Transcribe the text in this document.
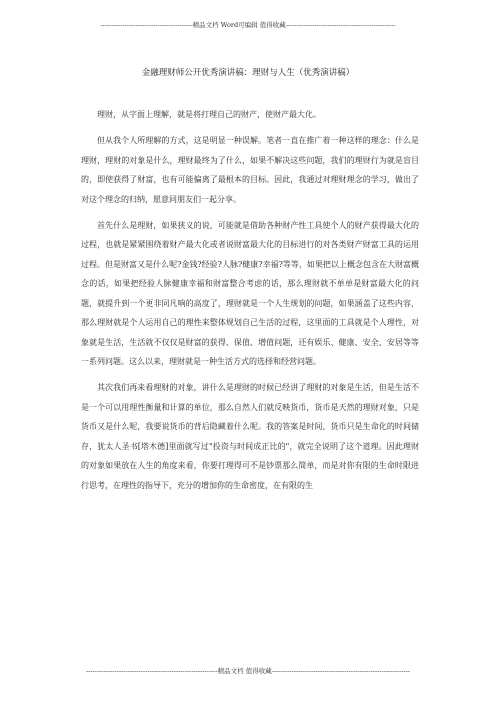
------------------------------------------精品文档 Word可编辑 值得收藏--------------------------------------------------
金融理财师公开优秀演讲稿：理财与人生（优秀演讲稿）

理财，从字面上理解，就是将打理自己的财产，使财产最大化。

但从我个人所理解的方式，这是明显一种误解。笔者一直在推广着一种这样的理念：什么是理财，理财的对象是什么，理财最终为了什么，如果不解决这些问题，我们的理财行为就是盲目的，即使获得了财富，也有可能偏离了最根本的目标。因此，我通过对理财理念的学习，做出了对这个理念的归纳，愿意同朋友们一起分享。

首先什么是理财，如果狭义的说，可能就是借助各种财产性工具使个人的财产获得最大化的过程，也就是紧紧围绕着财产最大化或者说财富最大化的目标进行的对各类财产财富工具的运用过程。但是财富又是什么呢?金钱?经验?人脉?健康?幸福?等等，如果把以上概念包含在大财富概念的话，如果把经验人脉健康幸福和财富整合考虑的话，那么理财就不单单是财富最大化的问题，就提升到一个更非同凡响的高度了，理财就是一个人生规划的问题，如果涵盖了这些内容，那么理财就是个人运用自己的理性来整体规划自己生活的过程，这里面的工具就是个人理性，对象就是生活，生活就不仅仅是财富的获得、保值、增值问题，还有娱乐、健康、安全、安居等等一系列问题。这么以来，理财就是一种生活方式的选择和经营问题。

其次我们再来看理财的对象，讲什么是理财的时候已经讲了理财的对象是生活，但是生活不是一个可以用理性衡量和计算的单位，那么自然人们就反映货币，货币是天然的理财对象，只是货币又是什么呢，我要说货币的背后隐藏着什么呢。我的答案是时间，货币只是生命化的时间储存，犹太人圣书[塔木德]里面就写过"投资与时间成正比的"，就完全说明了这个道理。因此理财的对象如果放在人生的角度来看，你要打理得可不是钞票那么简单，而是对你有限的生命时限进行思考，在理性的指导下，充分的增加你的生命密度，在有限的生

------------------------------------------------------------精品文档 值得收藏---------------------------------------------------------------
